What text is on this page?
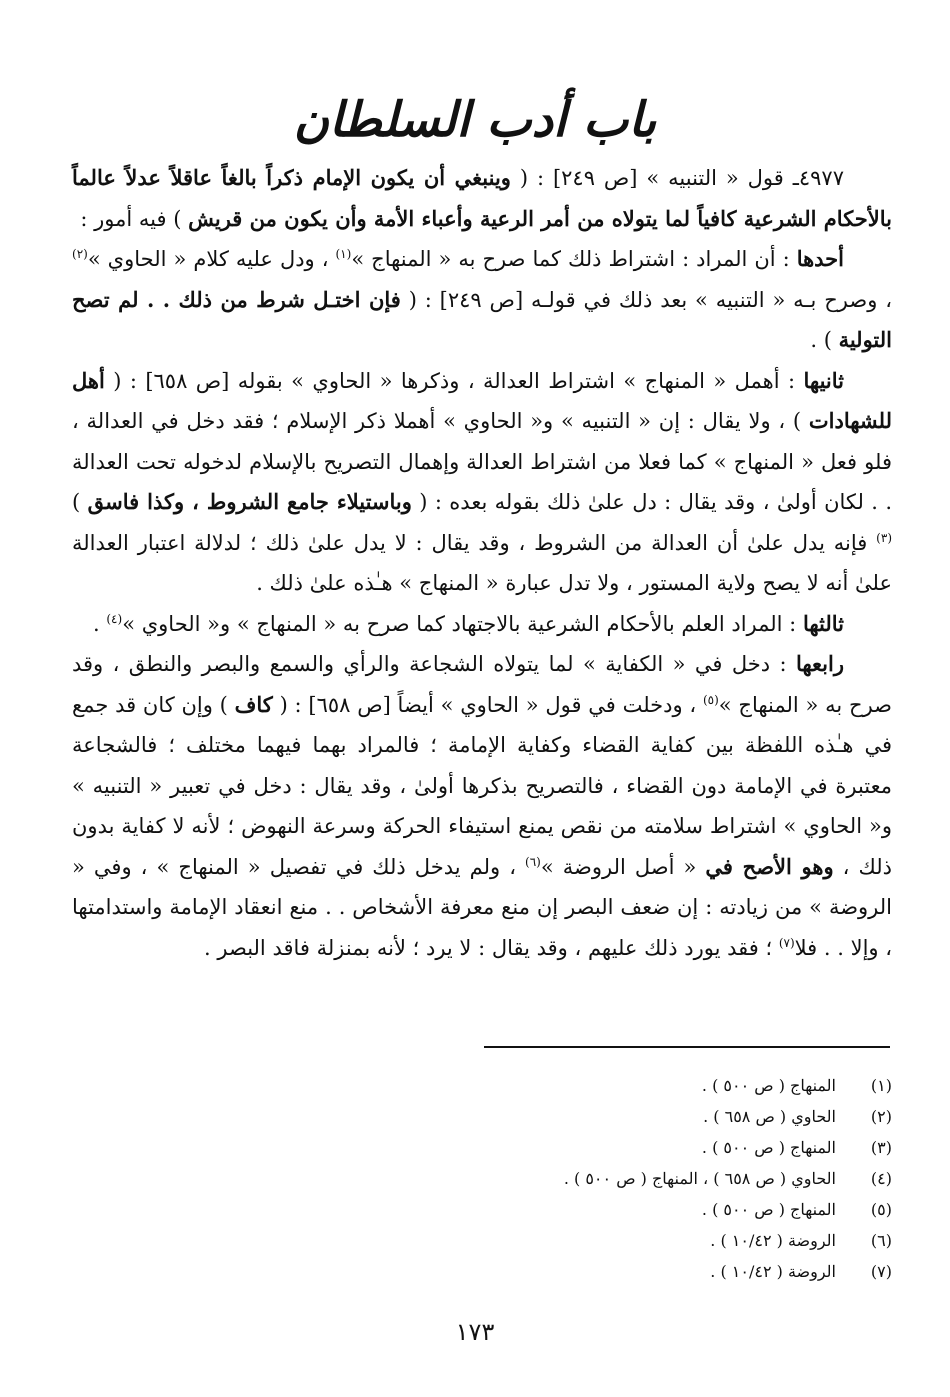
باب أدب السلطان

٤٩٧٧ـ قول « التنبيه » [ص ٢٤٩] : ( وينبغي أن يكون الإمام ذكراً بالغاً عاقلاً عدلاً عالماً بالأحكام الشرعية كافياً لما يتولاه من أمر الرعية وأعباء الأمة وأن يكون من قريش ) فيه أمور :

أحدها : أن المراد : اشتراط ذلك كما صرح به « المنهاج »$^{(١)}$ ، ودل عليه كلام « الحاوي »$^{(٢)}$ ، وصرح بـه « التنبيه » بعد ذلك في قولـه [ص ٢٤٩] : ( فإن اختـل شرط من ذلك . . لم تصح التولية ) .

ثانيها : أهمل « المنهاج » اشتراط العدالة ، وذكرها « الحاوي » بقوله [ص ٦٥٨] : ( أهل للشهادات ) ، ولا يقال : إن « التنبيه » و« الحاوي » أهملا ذكر الإسلام ؛ فقد دخل في العدالة ، فلو فعل « المنهاج » كما فعلا من اشتراط العدالة وإهمال التصريح بالإسلام لدخوله تحت العدالة . . لكان أولىٰ ، وقد يقال : دل علىٰ ذلك بقوله بعده : ( وباستيلاء جامع الشروط ، وكذا فاسق )$^{(٣)}$ فإنه يدل علىٰ أن العدالة من الشروط ، وقد يقال : لا يدل علىٰ ذلك ؛ لدلالة اعتبار العدالة علىٰ أنه لا يصح ولاية المستور ، ولا تدل عبارة « المنهاج » هـٰذه علىٰ ذلك .

ثالثها : المراد العلم بالأحكام الشرعية بالاجتهاد كما صرح به « المنهاج » و« الحاوي »$^{(٤)}$ .

رابعها : دخل في « الكفاية » لما يتولاه الشجاعة والرأي والسمع والبصر والنطق ، وقد صرح به « المنهاج »$^{(٥)}$ ، ودخلت في قول « الحاوي » أيضاً [ص ٦٥٨] : ( كاف ) وإن كان قد جمع في هـٰذه اللفظة بين كفاية القضاء وكفاية الإمامة ؛ فالمراد بهما فيهما مختلف ؛ فالشجاعة معتبرة في الإمامة دون القضاء ، فالتصريح بذكرها أولىٰ ، وقد يقال : دخل في تعبير « التنبيه » و« الحاوي » اشتراط سلامته من نقص يمنع استيفاء الحركة وسرعة النهوض ؛ لأنه لا كفاية بدون ذلك ، وهو الأصح في « أصل الروضة »$^{(٦)}$ ، ولم يدخل ذلك في تفصيل « المنهاج » ، وفي « الروضة » من زيادته : إن ضعف البصر إن منع معرفة الأشخاص . . منع انعقاد الإمامة واستدامتها ، وإلا . . فلا$^{(٧)}$ ؛ فقد يورد ذلك عليهم ، وقد يقال : لا يرد ؛ لأنه بمنزلة فاقد البصر .

(١)
المنهاج ( ص ٥٠٠ ) .
(٢)
الحاوي ( ص ٦٥٨ ) .
(٣)
المنهاج ( ص ٥٠٠ ) .
(٤)
الحاوي ( ص ٦٥٨ ) ، المنهاج ( ص ٥٠٠ ) .
(٥)
المنهاج ( ص ٥٠٠ ) .
(٦)
الروضة ( ١٠/٤٢ ) .
(٧)
الروضة ( ١٠/٤٢ ) .
١٧٣
